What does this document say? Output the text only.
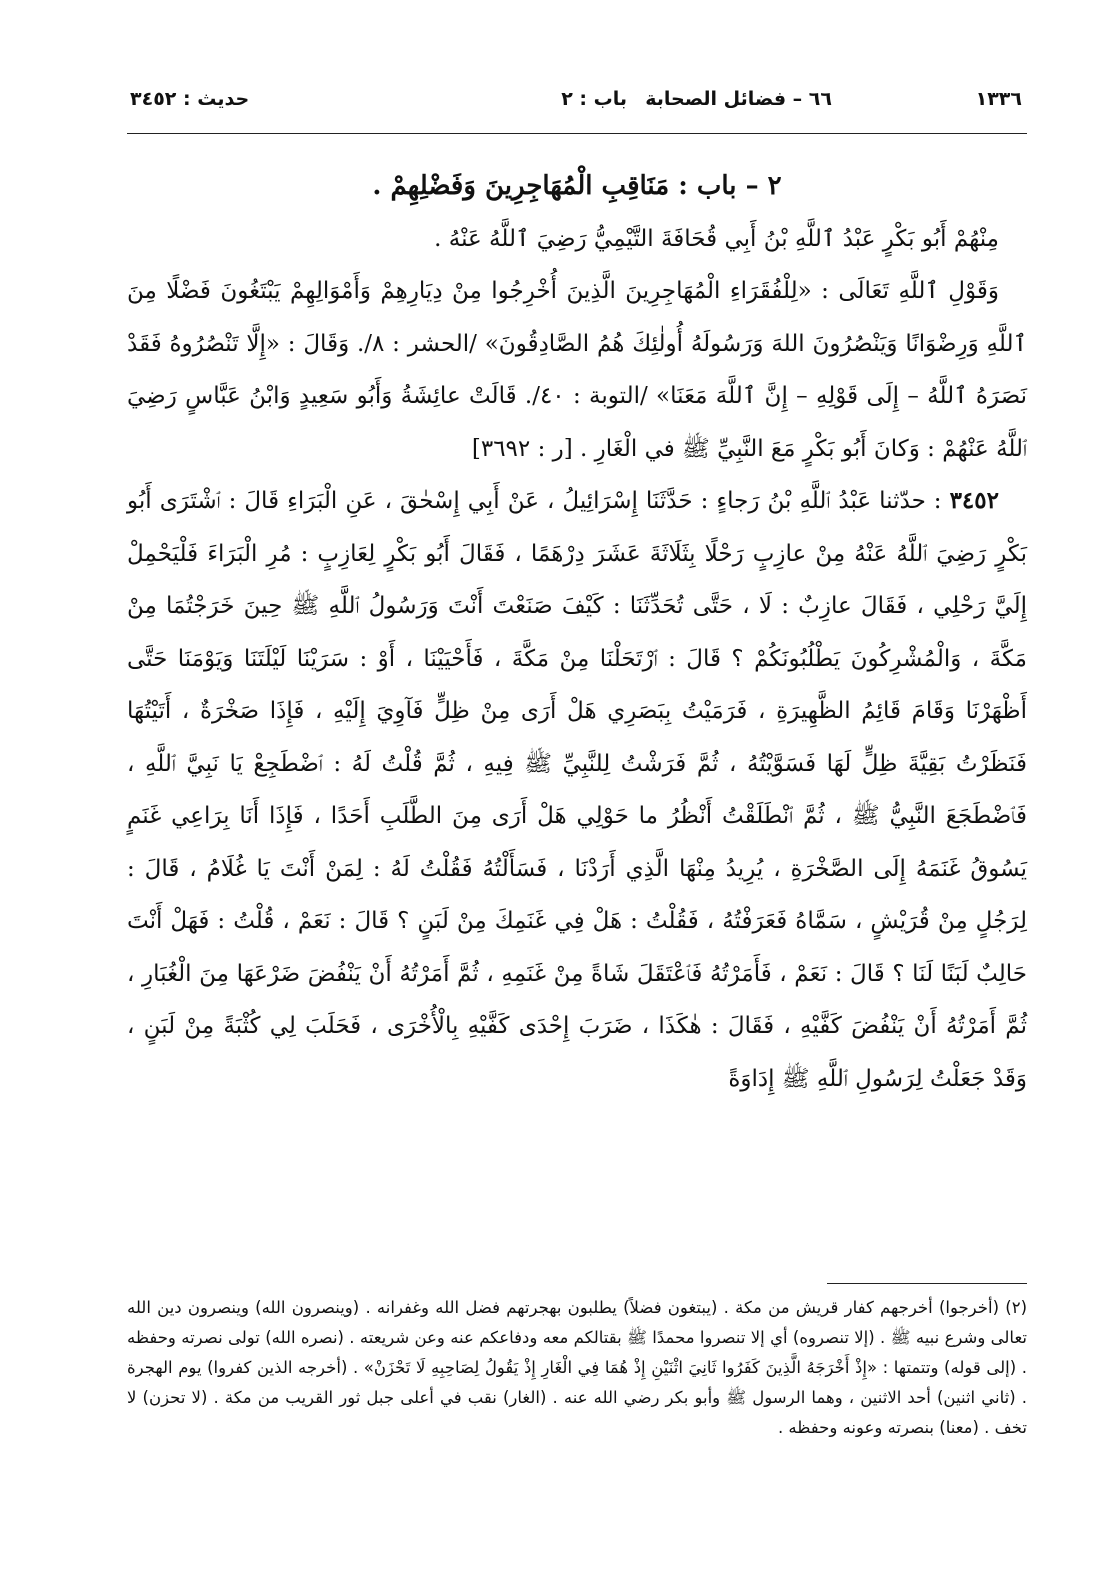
١٣٣٦
٦٦ – فضائل الصحابة
باب : ٢
حديث : ٣٤٥٢

٢ – باب : مَنَاقِبِ الْمُهَاجِرِينَ وَفَضْلِهِمْ .

مِنْهُمْ أَبُو بَكْرٍ عَبْدُ ٱللَّهِ بْنُ أَبِي قُحَافَةَ التَّيْمِيُّ رَضِيَ ٱللَّهُ عَنْهُ .

وَقَوْلِ ٱللَّهِ تَعَالَى : «لِلْفُقَرَاءِ الْمُهَاجِرِينَ الَّذِينَ أُخْرِجُوا مِنْ دِيَارِهِمْ وَأَمْوَالِهِمْ يَبْتَغُونَ فَضْلًا مِنَ ٱللَّهِ وَرِضْوَانًا وَيَنْصُرُونَ اللهَ وَرَسُولَهُ أُولٰئِكَ هُمُ الصَّادِقُونَ» /الحشر : ٨/. وَقَالَ : «إِلَّا تَنْصُرُوهُ فَقَدْ نَصَرَهُ ٱللَّهُ – إِلَى قَوْلِهِ – إِنَّ ٱللَّهَ مَعَنَا» /التوبة : ٤٠/. قَالَتْ عائِشَةُ وَأَبُو سَعِيدٍ وَابْنُ عَبَّاسٍ رَضِيَ ٱللَّهُ عَنْهُمْ : وَكانَ أَبُو بَكْرٍ مَعَ النَّبِيِّ ﷺ في الْغَارِ . [ر : ٣٦٩٢]

٣٤٥٢ : حدّثنا عَبْدُ ٱللَّهِ بْنُ رَجاءٍ : حَدَّثَنَا إِسْرَائِيلُ ، عَنْ أَبِي إِسْحٰقَ ، عَنِ الْبَرَاءِ قَالَ : ٱشْتَرَى أَبُو بَكْرٍ رَضِيَ ٱللَّهُ عَنْهُ مِنْ عازِبٍ رَحْلًا بِثَلَاثَةَ عَشَرَ دِرْهَمًا ، فَقَالَ أَبُو بَكْرٍ لِعَازِبٍ : مُرِ الْبَرَاءَ فَلْيَحْمِلْ إِلَيَّ رَحْلِي ، فَقَالَ عازِبٌ : لَا ، حَتَّى تُحَدِّثَنَا : كَيْفَ صَنَعْتَ أَنْتَ وَرَسُولُ ٱللَّهِ ﷺ حِينَ خَرَجْتُمَا مِنْ مَكَّةَ ، وَالْمُشْرِكُونَ يَطْلُبُونَكُمْ ؟ قَالَ : ٱرْتَحَلْنَا مِنْ مَكَّةَ ، فَأَحْيَيْنَا ، أَوْ : سَرَيْنَا لَيْلَتَنَا وَيَوْمَنَا حَتَّى أَظْهَرْنَا وَقَامَ قَائِمُ الظَّهِيرَةِ ، فَرَمَيْتُ بِبَصَرِي هَلْ أَرَى مِنْ ظِلٍّ فَآوِيَ إِلَيْهِ ، فَإِذَا صَخْرَةٌ ، أَتَيْتُهَا فَنَظَرْتُ بَقِيَّةَ ظِلٍّ لَهَا فَسَوَّيْتُهُ ، ثُمَّ فَرَشْتُ لِلنَّبِيِّ ﷺ فِيهِ ، ثُمَّ قُلْتُ لَهُ : ٱضْطَجِعْ يَا نَبِيَّ ٱللَّهِ ، فَٱضْطَجَعَ النَّبِيُّ ﷺ ، ثُمَّ ٱنْطَلَقْتُ أَنْظُرُ ما حَوْلِي هَلْ أَرَى مِنَ الطَّلَبِ أَحَدًا ، فَإِذَا أَنَا بِرَاعِي غَنَمٍ يَسُوقُ غَنَمَهُ إِلَى الصَّخْرَةِ ، يُرِيدُ مِنْهَا الَّذِي أَرَدْنَا ، فَسَأَلْتُهُ فَقُلْتُ لَهُ : لِمَنْ أَنْتَ يَا غُلَامُ ، قَالَ : لِرَجُلٍ مِنْ قُرَيْشٍ ، سَمَّاهُ فَعَرَفْتُهُ ، فَقُلْتُ : هَلْ فِي غَنَمِكَ مِنْ لَبَنٍ ؟ قَالَ : نَعَمْ ، قُلْتُ : فَهَلْ أَنْتَ حَالِبٌ لَبَنًا لَنَا ؟ قَالَ : نَعَمْ ، فَأَمَرْتُهُ فَٱعْتَقَلَ شَاةً مِنْ غَنَمِهِ ، ثُمَّ أَمَرْتُهُ أَنْ يَنْفُضَ ضَرْعَهَا مِنَ الْغُبَارِ ، ثُمَّ أَمَرْتُهُ أَنْ يَنْفُضَ كَفَّيْهِ ، فَقَالَ : هٰكَذَا ، ضَرَبَ إِحْدَى كَفَّيْهِ بِالْأُخْرَى ، فَحَلَبَ لِي كُثْبَةً مِنْ لَبَنٍ ، وَقَدْ جَعَلْتُ لِرَسُولِ ٱللَّهِ ﷺ إِدَاوَةً

(٢) (أخرجوا) أخرجهم كفار قريش من مكة . (يبتغون فضلاً) يطلبون بهجرتهم فضل الله وغفرانه . (وينصرون الله) وينصرون دين الله تعالى وشرع نبيه ﷺ . (إلا تنصروه) أي إلا تنصروا محمدًا ﷺ بقتالكم معه ودفاعكم عنه وعن شريعته . (نصره الله) تولى نصرته وحفظه . (إلى قوله) وتتمتها : «إِذْ أَخْرَجَهُ الَّذِينَ كَفَرُوا ثَانِيَ اثْنَيْنِ إِذْ هُمَا فِي الْغَارِ إِذْ يَقُولُ لِصَاحِبِهِ لَا تَحْزَنْ» . (أخرجه الذين كفروا) يوم الهجرة . (ثاني اثنين) أحد الاثنين ، وهما الرسول ﷺ وأبو بكر رضي الله عنه . (الغار) نقب في أعلى جبل ثور القريب من مكة . (لا تحزن) لا تخف . (معنا) بنصرته وعونه وحفظه .
